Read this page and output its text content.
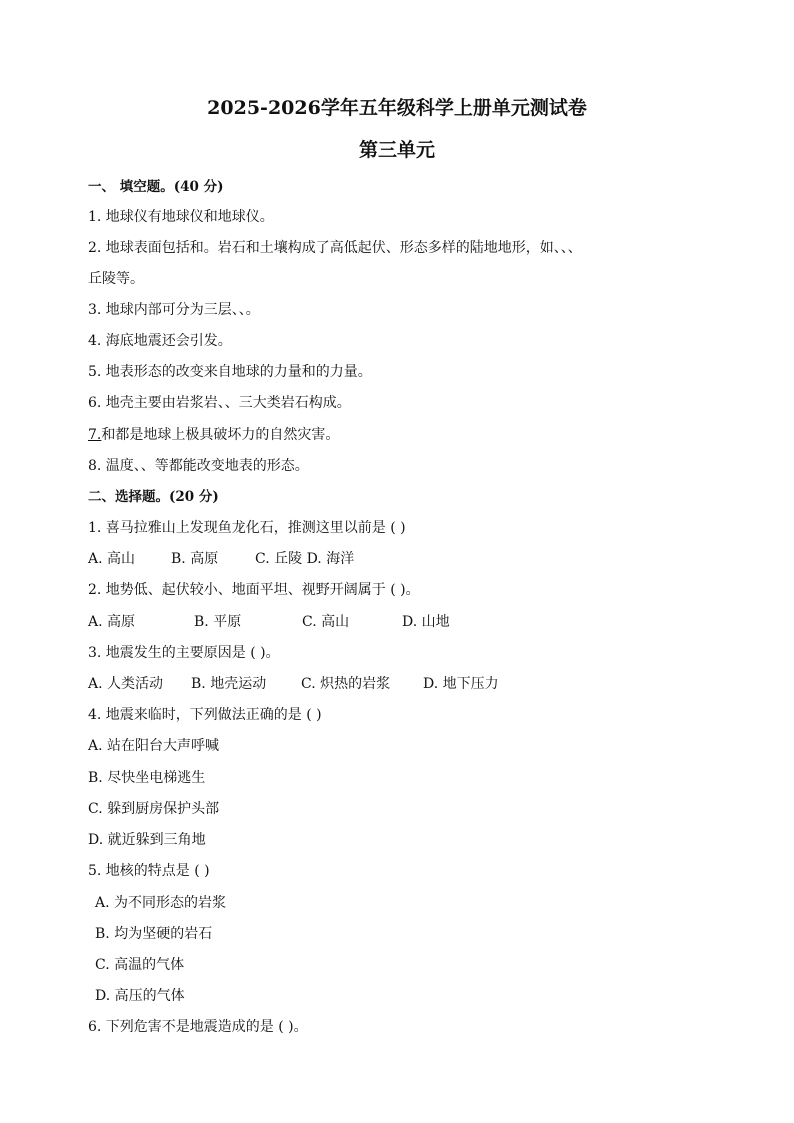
2025-2026学年五年级科学上册单元测试卷
第三单元
一、 填空题。(40 分)
1. 地球仪有地球仪和地球仪。
2. 地球表面包括和。岩石和土壤构成了高低起伏、形态多样的陆地地形，如、、、
丘陵等。
3. 地球内部可分为三层、、。
4. 海底地震还会引发。
5. 地表形态的改变来自地球的力量和的力量。
6. 地壳主要由岩浆岩、、三大类岩石构成。
7.和都是地球上极具破坏力的自然灾害。
8. 温度、、等都能改变地表的形态。
二、选择题。(20 分)
1. 喜马拉雅山上发现鱼龙化石，推测这里以前是 ( )
A. 高山	B. 高原	C. 丘陵 D. 海洋
2. 地势低、起伏较小、地面平坦、视野开阔属于 ( )。
A. 高原	B. 平原	C. 高山	D. 山地
3. 地震发生的主要原因是 ( )。
A. 人类活动 B. 地壳运动 C. 炽热的岩浆 D. 地下压力
4. 地震来临时，下列做法正确的是 ( )
A. 站在阳台大声呼喊
B. 尽快坐电梯逃生
C. 躲到厨房保护头部
D. 就近躲到三角地
5. 地核的特点是 ( )
A. 为不同形态的岩浆
B. 均为坚硬的岩石
C. 高温的气体
D. 高压的气体
6. 下列危害不是地震造成的是 ( )。
